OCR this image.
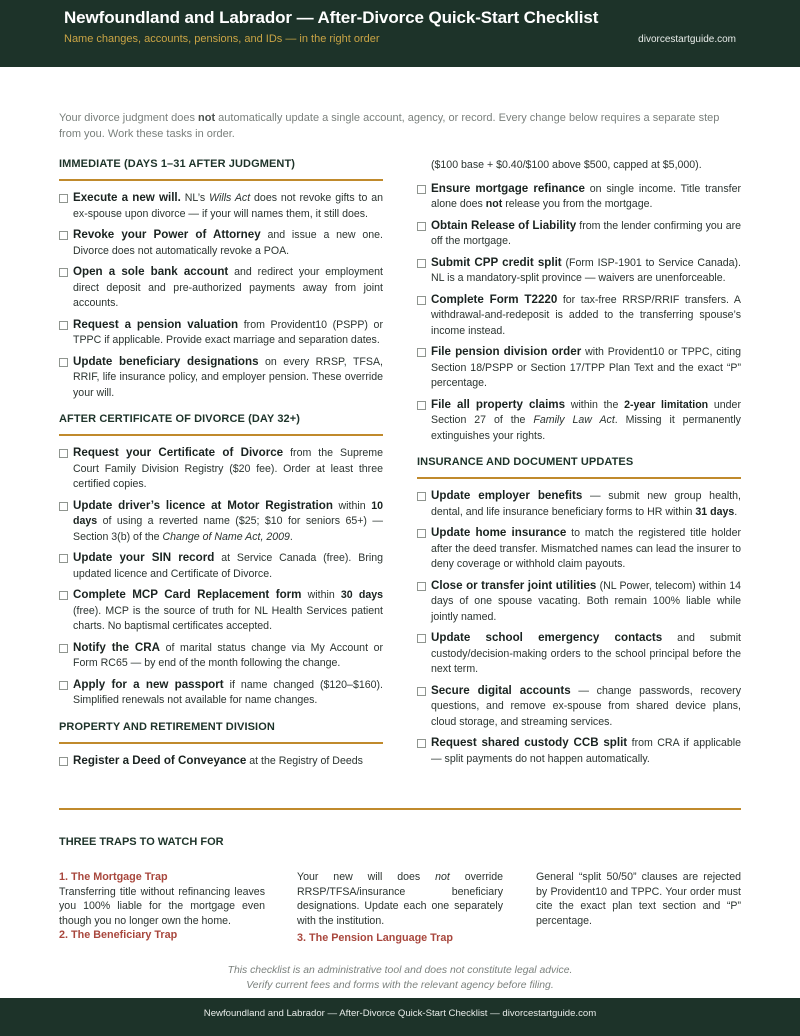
Newfoundland and Labrador — After-Divorce Quick-Start Checklist
Name changes, accounts, pensions, and IDs — in the right order	divorcestartguide.com
Your divorce judgment does not automatically update a single account, agency, or record. Every change below requires a separate step from you. Work these tasks in order.
IMMEDIATE (DAYS 1–31 AFTER JUDGMENT)
Execute a new will. NL’s Wills Act does not revoke gifts to an ex-spouse upon divorce — if your will names them, it still does.
Revoke your Power of Attorney and issue a new one. Divorce does not automatically revoke a POA.
Open a sole bank account and redirect your employment direct deposit and pre-authorized payments away from joint accounts.
Request a pension valuation from Provident10 (PSPP) or TPPC if applicable. Provide exact marriage and separation dates.
Update beneficiary designations on every RRSP, TFSA, RRIF, life insurance policy, and employer pension. These override your will.
AFTER CERTIFICATE OF DIVORCE (DAY 32+)
Request your Certificate of Divorce from the Supreme Court Family Division Registry ($20 fee). Order at least three certified copies.
Update driver’s licence at Motor Registration within 10 days of using a reverted name ($25; $10 for seniors 65+) — Section 3(b) of the Change of Name Act, 2009.
Update your SIN record at Service Canada (free). Bring updated licence and Certificate of Divorce.
Complete MCP Card Replacement form within 30 days (free). MCP is the source of truth for NL Health Services patient charts. No baptismal certificates accepted.
Notify the CRA of marital status change via My Account or Form RC65 — by end of the month following the change.
Apply for a new passport if name changed ($120–$160). Simplified renewals not available for name changes.
PROPERTY AND RETIREMENT DIVISION
Register a Deed of Conveyance at the Registry of Deeds
($100 base + $0.40/$100 above $500, capped at $5,000).
Ensure mortgage refinance on single income. Title transfer alone does not release you from the mortgage.
Obtain Release of Liability from the lender confirming you are off the mortgage.
Submit CPP credit split (Form ISP-1901 to Service Canada). NL is a mandatory-split province — waivers are unenforceable.
Complete Form T2220 for tax-free RRSP/RRIF transfers. A withdrawal-and-redeposit is added to the transferring spouse’s income instead.
File pension division order with Provident10 or TPPC, citing Section 18/PSPP or Section 17/TPP Plan Text and the exact “P” percentage.
File all property claims within the 2-year limitation under Section 27 of the Family Law Act. Missing it permanently extinguishes your rights.
INSURANCE AND DOCUMENT UPDATES
Update employer benefits — submit new group health, dental, and life insurance beneficiary forms to HR within 31 days.
Update home insurance to match the registered title holder after the deed transfer. Mismatched names can lead the insurer to deny coverage or withhold claim payouts.
Close or transfer joint utilities (NL Power, telecom) within 14 days of one spouse vacating. Both remain 100% liable while jointly named.
Update school emergency contacts and submit custody/decision-making orders to the school principal before the next term.
Secure digital accounts — change passwords, recovery questions, and remove ex-spouse from shared device plans, cloud storage, and streaming services.
Request shared custody CCB split from CRA if applicable — split payments do not happen automatically.
THREE TRAPS TO WATCH FOR
1. The Mortgage Trap
Transferring title without refinancing leaves you 100% liable for the mortgage even though you no longer own the home.
2. The Beneficiary Trap
Your new will does not override RRSP/TFSA/insurance beneficiary designations. Update each one separately with the institution.
3. The Pension Language Trap
General “split 50/50” clauses are rejected by Provident10 and TPPC. Your order must cite the exact plan text section and “P” percentage.
This checklist is an administrative tool and does not constitute legal advice.
Verify current fees and forms with the relevant agency before filing.
Newfoundland and Labrador — After-Divorce Quick-Start Checklist — divorcestartguide.com
